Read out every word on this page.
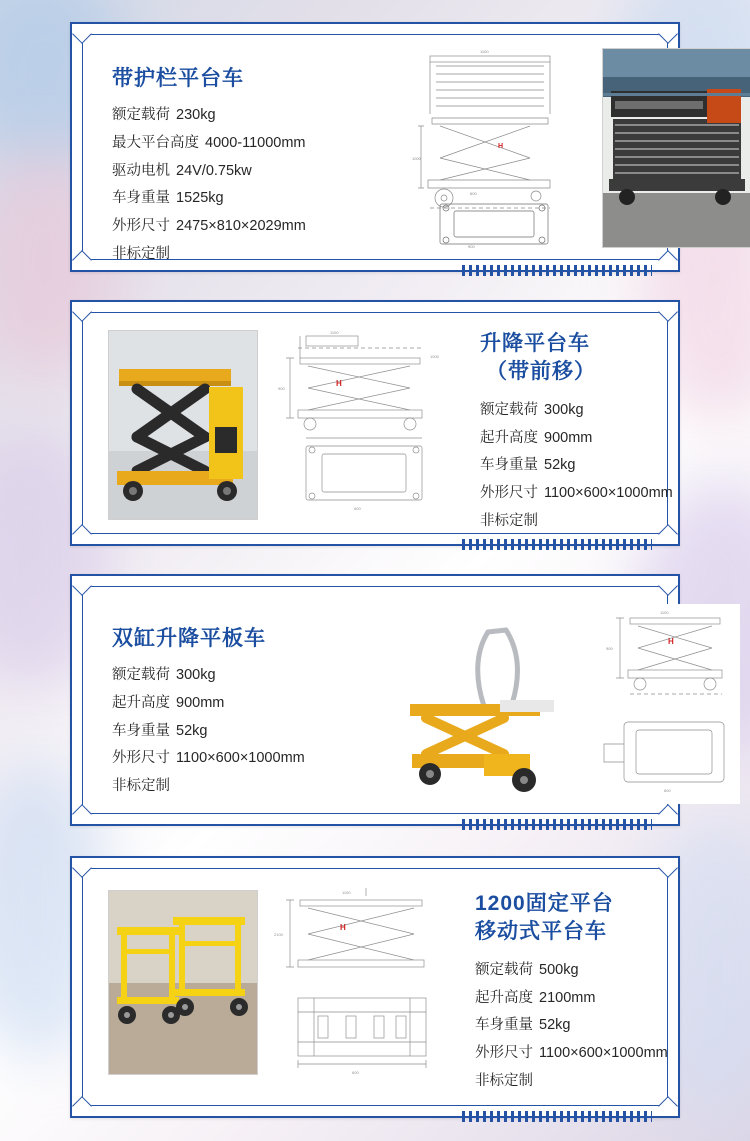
带护栏平台车
额定载荷 230kg
最大平台高度 4000-11000mm
驱动电机 24V/0.75kw
车身重量 1525kg
外形尺寸 2475×810×2029mm
非标定制
1100
1000
600
900
H
1100
1000
600
900
H
升降平台车
（带前移）
额定载荷 300kg
起升高度 900mm
车身重量 52kg
外形尺寸 1100×600×1000mm
非标定制
双缸升降平板车
额定载荷 300kg
起升高度 900mm
车身重量 52kg
外形尺寸 1100×600×1000mm
非标定制
1100
900
600
H
1100
2100
600
H
1200固定平台
移动式平台车
额定载荷 500kg
起升高度 2100mm
车身重量 52kg
外形尺寸 1100×600×1000mm
非标定制
